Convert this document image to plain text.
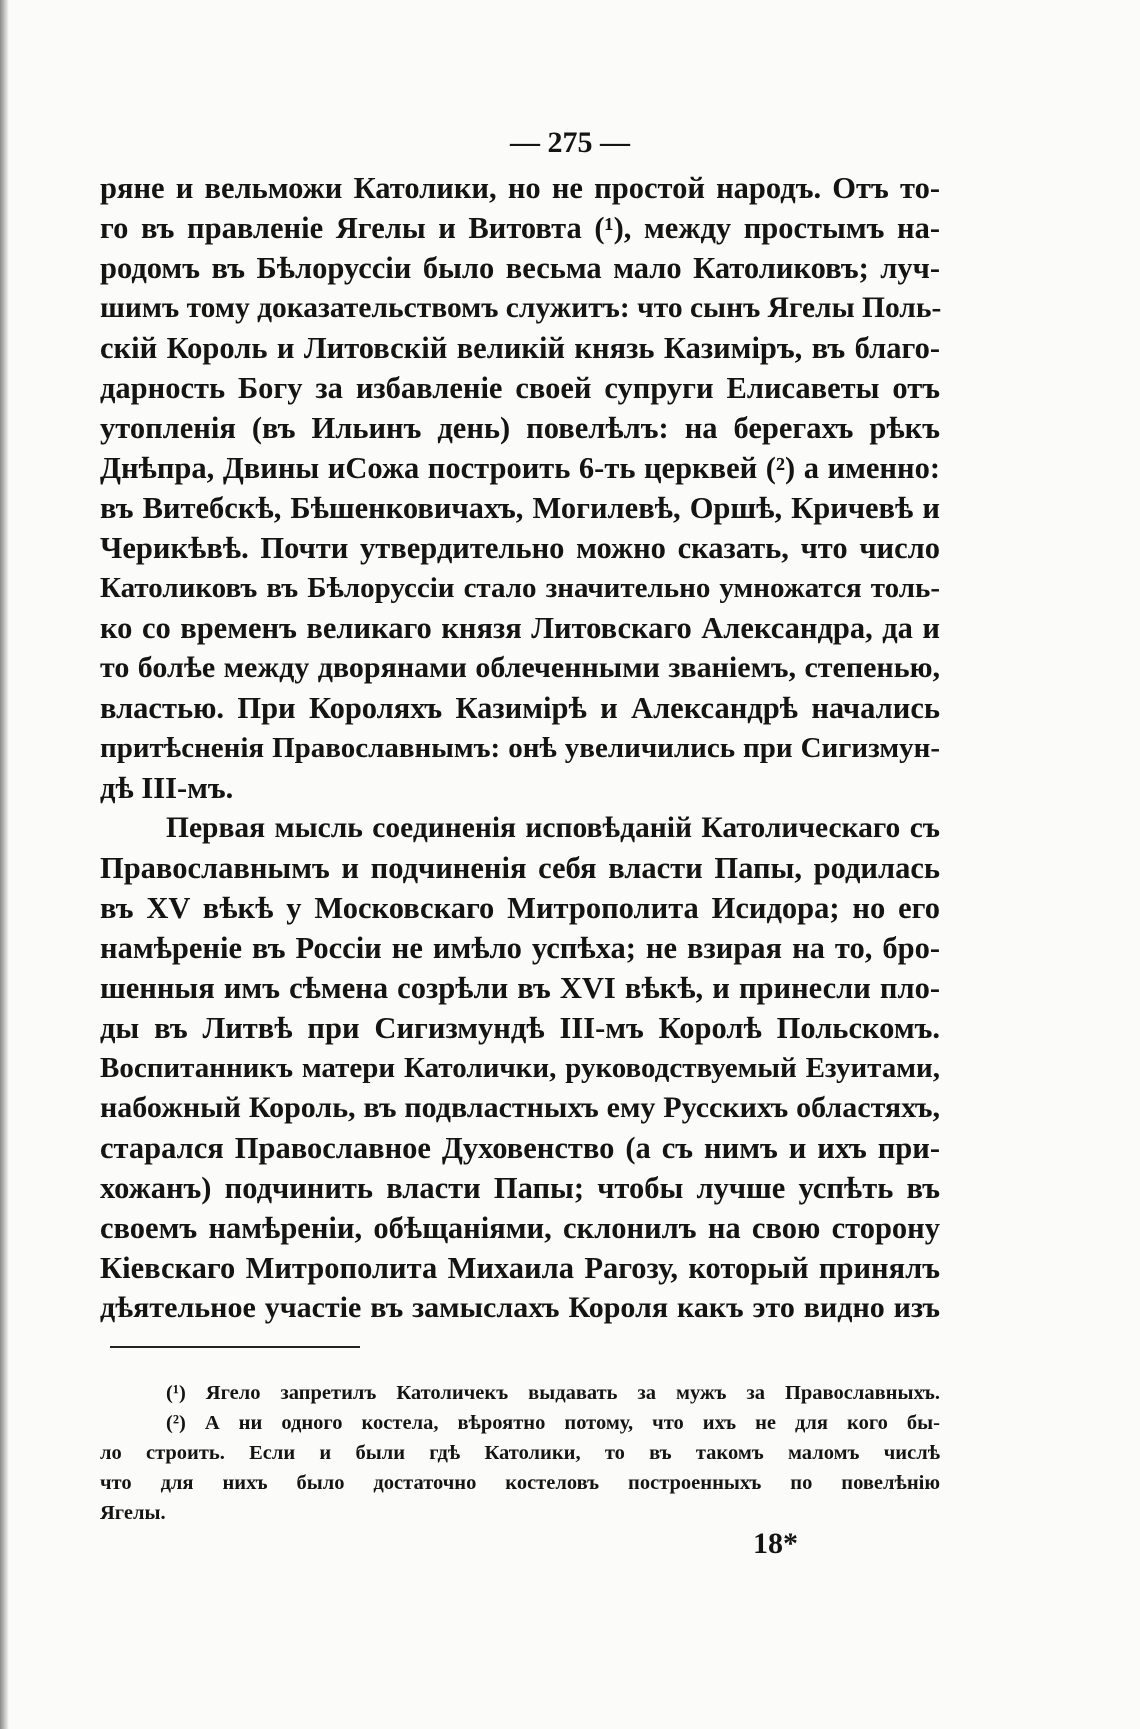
— 275 —
ряне и вельможи Католики, но не простой народъ. Отъ то-
го въ правленіе Ягелы и Витовта (¹), между простымъ на-
родомъ въ Бѣлоруссіи было весьма мало Католиковъ; луч-
шимъ тому доказательствомъ служитъ: что сынъ Ягелы Поль-
скій Король и Литовскій великій князь Казиміръ, въ благо-
дарность Богу за избавленіе своей супруги Елисаветы отъ
утопленія (въ Ильинъ день) повелѣлъ: на берегахъ рѣкъ
Днѣпра, Двины иСожа построить 6-ть церквей (²) а именно:
въ Витебскѣ, Бѣшенковичахъ, Могилевѣ, Оршѣ, Кричевѣ и
Черикѣвѣ. Почти утвердительно можно сказать, что число
Католиковъ въ Бѣлоруссіи стало значительно умножатся толь-
ко со временъ великаго князя Литовскаго Александра, да и
то болѣе между дворянами облеченными званіемъ, степенью,
властью. При Короляхъ Казимірѣ и Александрѣ начались
притѣсненія Православнымъ: онѣ увеличились при Сигизмун-
дѣ III-мъ.
Первая мысль соединенія исповѣданій Католическаго съ
Православнымъ и подчиненія себя власти Папы, родилась
въ XV вѣкѣ у Московскаго Митрополита Исидора; но его
намѣреніе въ Россіи не имѣло успѣха; не взирая на то, бро-
шенныя имъ сѣмена созрѣли въ XVI вѣкѣ, и принесли пло-
ды въ Литвѣ при Сигизмундѣ III-мъ Королѣ Польскомъ.
Воспитанникъ матери Католички, руководствуемый Езуитами,
набожный Король, въ подвластныхъ ему Русскихъ областяхъ,
старался Православное Духовенство (а съ нимъ и ихъ при-
хожанъ) подчинить власти Папы; чтобы лучше успѣть въ
своемъ намѣреніи, обѣщаніями, склонилъ на свою сторону
Кіевскаго Митрополита Михаила Рагозу, который принялъ
дѣятельное участіе въ замыслахъ Короля какъ это видно изъ
(¹) Ягело запретилъ Католичекъ выдавать за мужъ за Православныхъ.
(²) А ни одного костела, вѣроятно потому, что ихъ не для кого бы-
ло строить. Если и были гдѣ Католики, то въ такомъ маломъ числѣ
что для нихъ было достаточно костеловъ построенныхъ по повелѣнію
Ягелы.
18*
